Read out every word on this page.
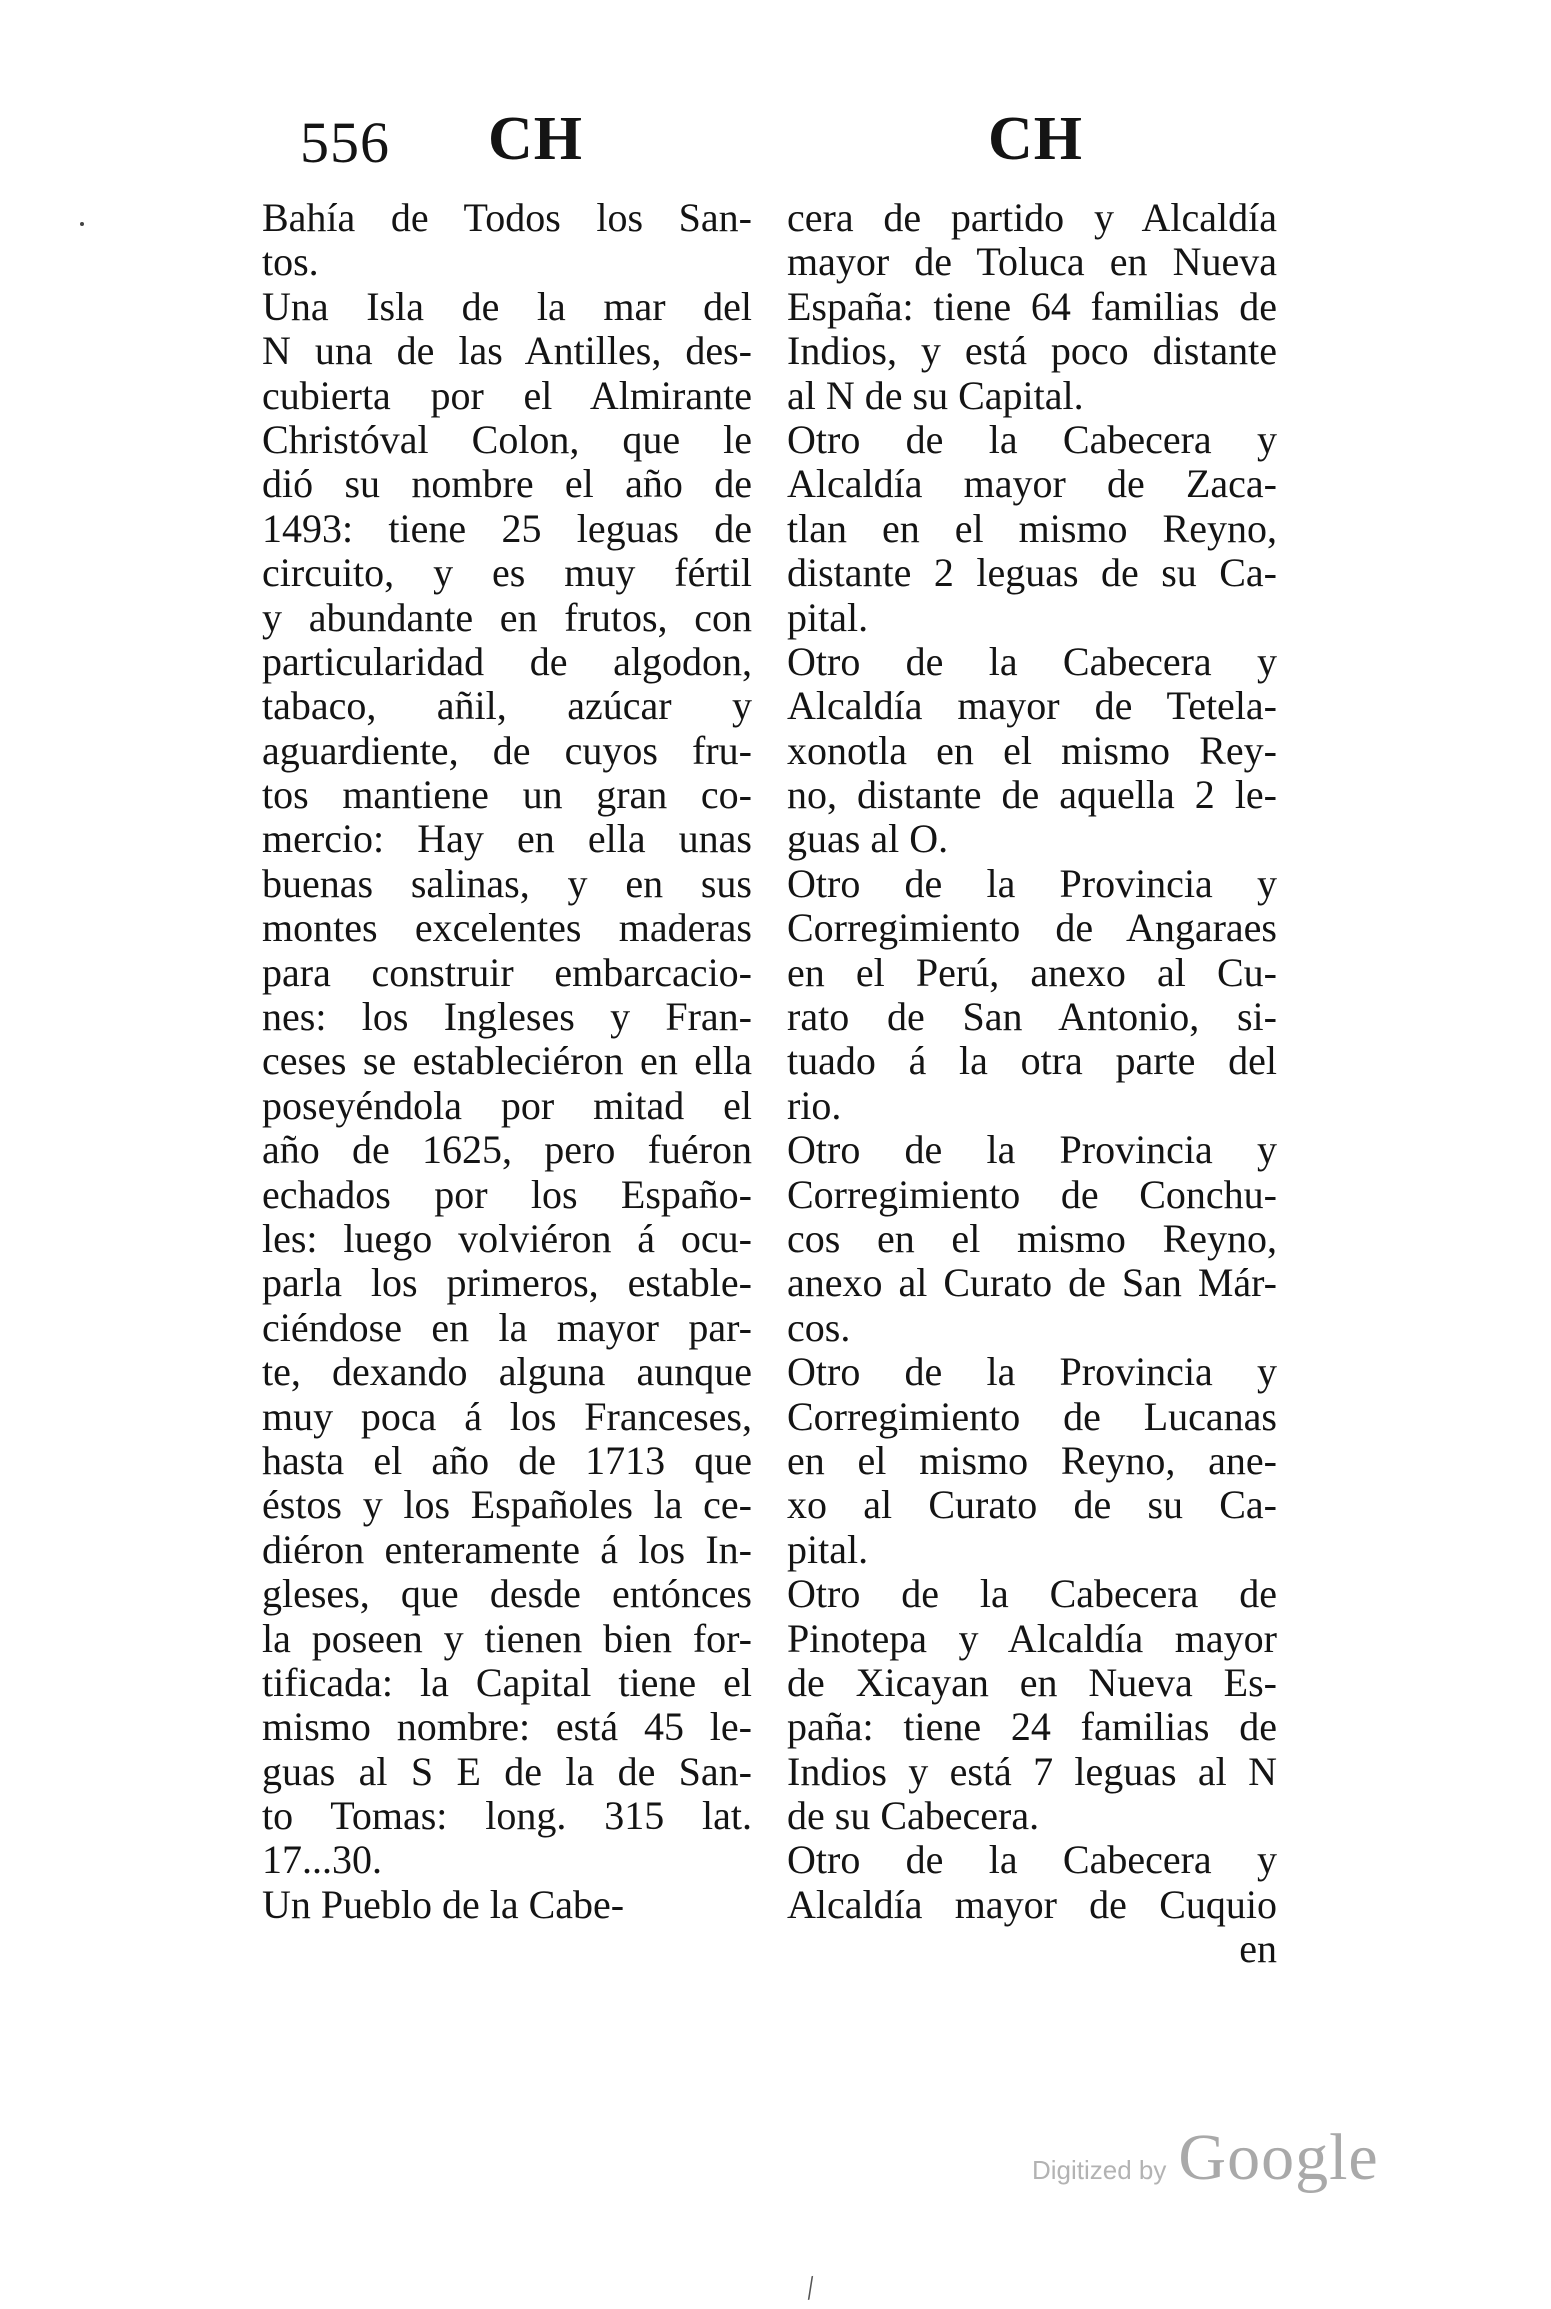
556 CH	CH
Bahía de Todos los San-
tos.
Una Isla de la mar del
N una de las Antilles, des-
cubierta por el Almirante
Christóval Colon, que le
dió su nombre el año de
1493: tiene 25 leguas de
circuito, y es muy fértil
y abundante en frutos, con
particularidad de algodon,
tabaco, añil, azúcar y
aguardiente, de cuyos fru-
tos mantiene un gran co-
mercio: Hay en ella unas
buenas salinas, y en sus
montes excelentes maderas
para construir embarcacio-
nes: los Ingleses y Fran-
ceses se estableciéron en ella
poseyéndola por mitad el
año de 1625, pero fuéron
echados por los Españo-
les: luego volviéron á ocu-
parla los primeros, estable-
ciéndose en la mayor par-
te, dexando alguna aunque
muy poca á los Franceses,
hasta el año de 1713 que
éstos y los Españoles la ce-
diéron enteramente á los In-
gleses, que desde entónces
la poseen y tienen bien for-
tificada: la Capital tiene el
mismo nombre: está 45 le-
guas al S E de la de San-
to Tomas: long. 315 lat.
17...30.
Un Pueblo de la Cabe-
cera de partido y Alcaldía
mayor de Toluca en Nueva
España: tiene 64 familias de
Indios, y está poco distante
al N de su Capital.
Otro de la Cabecera y
Alcaldía mayor de Zaca-
tlan en el mismo Reyno,
distante 2 leguas de su Ca-
pital.
Otro de la Cabecera y
Alcaldía mayor de Tetela-
xonotla en el mismo Rey-
no, distante de aquella 2 le-
guas al O.
Otro de la Provincia y
Corregimiento de Angaraes
en el Perú, anexo al Cu-
rato de San Antonio, si-
tuado á la otra parte del
rio.
Otro de la Provincia y
Corregimiento de Conchu-
cos en el mismo Reyno,
anexo al Curato de San Már-
cos.
Otro de la Provincia y
Corregimiento de Lucanas
en el mismo Reyno, ane-
xo al Curato de su Ca-
pital.
Otro de la Cabecera de
Pinotepa y Alcaldía mayor
de Xicayan en Nueva Es-
paña: tiene 24 familias de
Indios y está 7 leguas al N
de su Cabecera.
Otro de la Cabecera y
Alcaldía mayor de Cuquio
en
Digitized by Google
/
